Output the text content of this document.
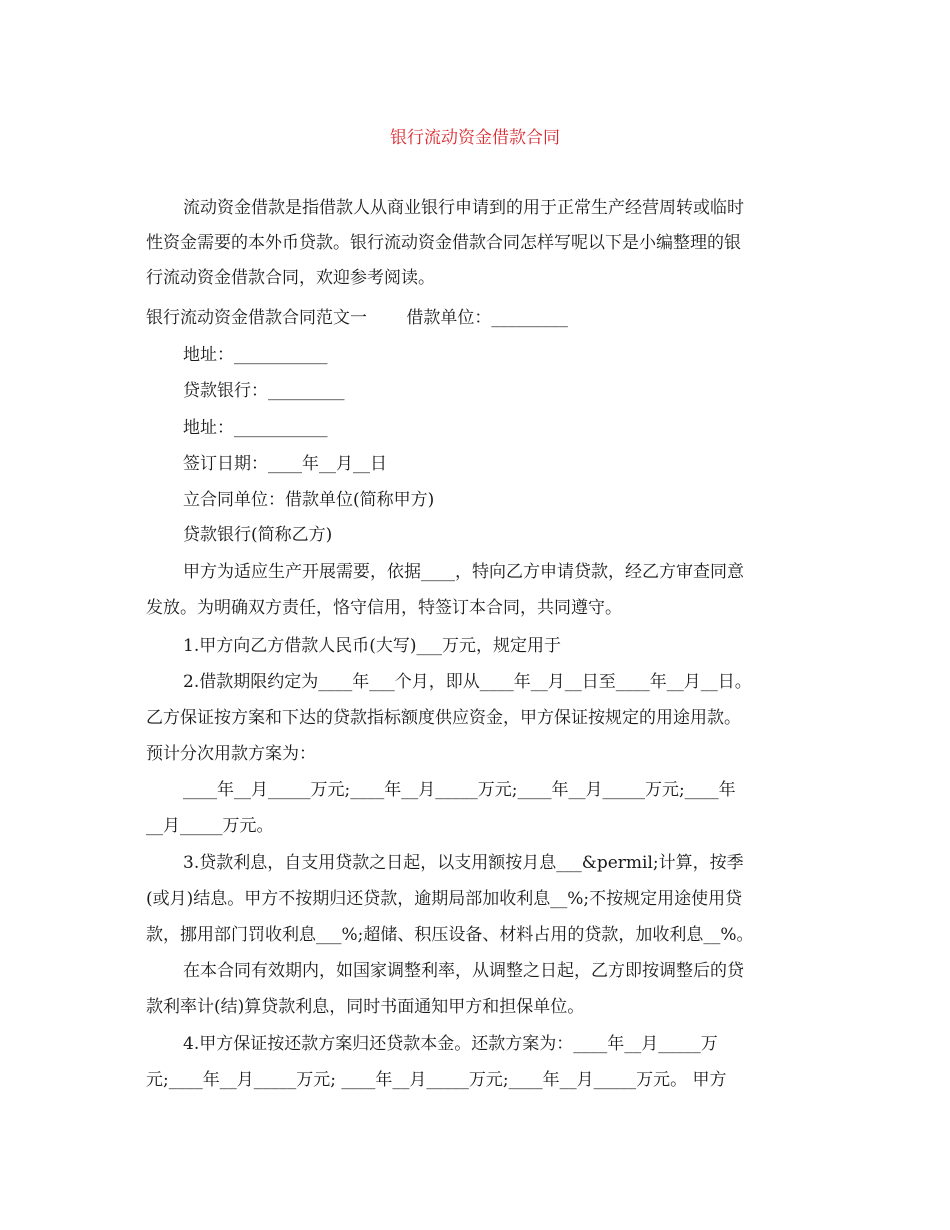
银行流动资金借款合同
流动资金借款是指借款人从商业银行申请到的用于正常生产经营周转或临时
性资金需要的本外币贷款。银行流动资金借款合同怎样写呢以下是小编整理的银
行流动资金借款合同，欢迎参考阅读。
银行流动资金借款合同范文一　　 借款单位：_________
地址：___________
贷款银行：_________
地址：___________
签订日期：____年__月__日
立合同单位：借款单位(简称甲方)
贷款银行(简称乙方)
甲方为适应生产开展需要，依据____，特向乙方申请贷款，经乙方审查同意
发放。为明确双方责任，恪守信用，特签订本合同，共同遵守。
1.甲方向乙方借款人民币(大写)___万元，规定用于
2.借款期限约定为____年___个月，即从____年__月__日至____年__月__日。
乙方保证按方案和下达的贷款指标额度供应资金，甲方保证按规定的用途用款。
预计分次用款方案为：
____年__月_____万元;____年__月_____万元;____年__月_____万元;____年
__月_____万元。
3.贷款利息，自支用贷款之日起，以支用额按月息___&permil;计算，按季
(或月)结息。甲方不按期归还贷款，逾期局部加收利息__%;不按规定用途使用贷
款，挪用部门罚收利息___%;超储、积压设备、材料占用的贷款，加收利息__%。
在本合同有效期内，如国家调整利率，从调整之日起，乙方即按调整后的贷
款利率计(结)算贷款利息，同时书面通知甲方和担保单位。
4.甲方保证按还款方案归还贷款本金。还款方案为：____年__月_____万
元;____年__月_____万元; ____年__月_____万元;____年__月_____万元。 甲方
